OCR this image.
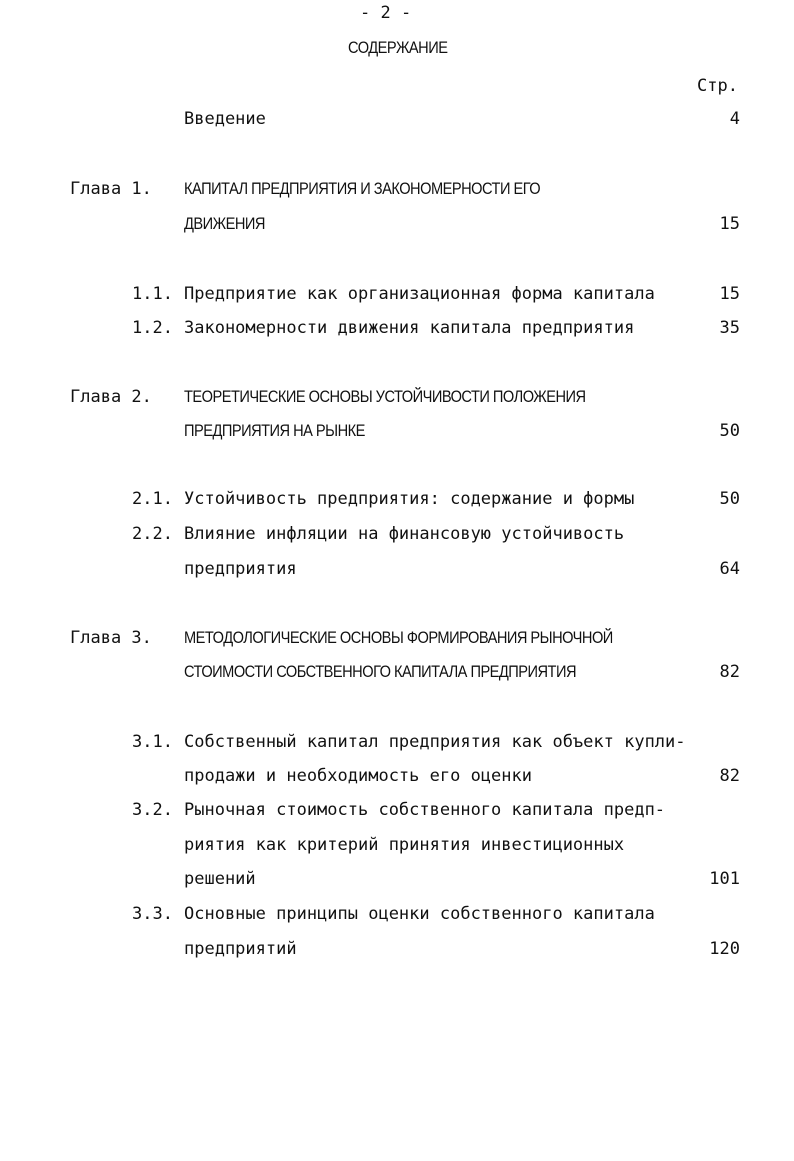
- 2 -
СОДЕРЖАНИЕ
Стр.
Введение	4
Глава 1. КАПИТАЛ ПРЕДПРИЯТИЯ И ЗАКОНОМЕРНОСТИ ЕГО
ДВИЖЕНИЯ	15
1.1. Предприятие как организационная форма капитала	15
1.2. Закономерности движения капитала предприятия	35
Глава 2. ТЕОРЕТИЧЕСКИЕ ОСНОВЫ УСТОЙЧИВОСТИ ПОЛОЖЕНИЯ
ПРЕДПРИЯТИЯ НА РЫНКЕ	50
2.1. Устойчивость предприятия: содержание и формы	50
2.2. Влияние инфляции на финансовую устойчивость
предприятия	64
Глава 3. МЕТОДОЛОГИЧЕСКИЕ ОСНОВЫ ФОРМИРОВАНИЯ РЫНОЧНОЙ
СТОИМОСТИ СОБСТВЕННОГО КАПИТАЛА ПРЕДПРИЯТИЯ	82
3.1. Собственный капитал предприятия как объект купли-
продажи и необходимость его оценки	82
3.2. Рыночная стоимость собственного капитала предп-
риятия как критерий принятия инвестиционных
решений	101
3.3. Основные принципы оценки собственного капитала
предприятий	120
